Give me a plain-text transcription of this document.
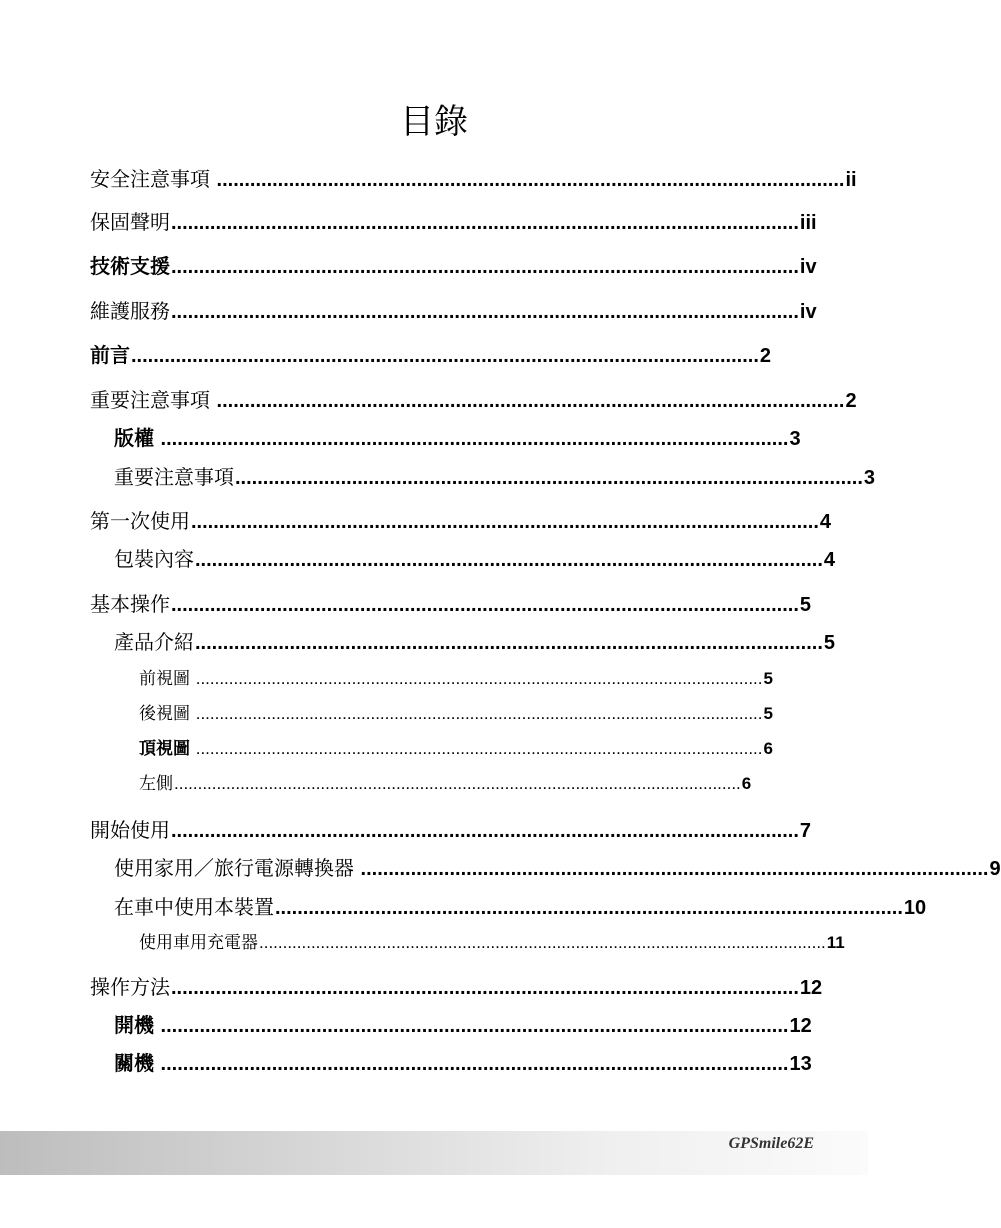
目錄
安全注意事項 ................................................................................................................. ii
保固聲明 ................................................................................................................. iii
技術支援 ................................................................................................................. iv
維護服務 ................................................................................................................. iv
前言 ................................................................................................................. 2
重要注意事項 ................................................................................................................. 2
版權 ................................................................................................................. 3
重要注意事項 ................................................................................................................. 3
第一次使用 ................................................................................................................. 4
包裝內容 ................................................................................................................. 4
基本操作 ................................................................................................................. 5
產品介紹 ................................................................................................................. 5
前視圖 ........................................................................................................................ 5
後視圖 ........................................................................................................................ 5
頂視圖 ........................................................................................................................ 6
左側 ........................................................................................................................ 6
開始使用 ................................................................................................................. 7
使用家用／旅行電源轉換器 ................................................................................................................. 9
在車中使用本裝置 ................................................................................................................. 10
使用車用充電器 ........................................................................................................................ 11
操作方法 ................................................................................................................. 12
開機 ................................................................................................................. 12
關機 ................................................................................................................. 13
GPSmile62E
